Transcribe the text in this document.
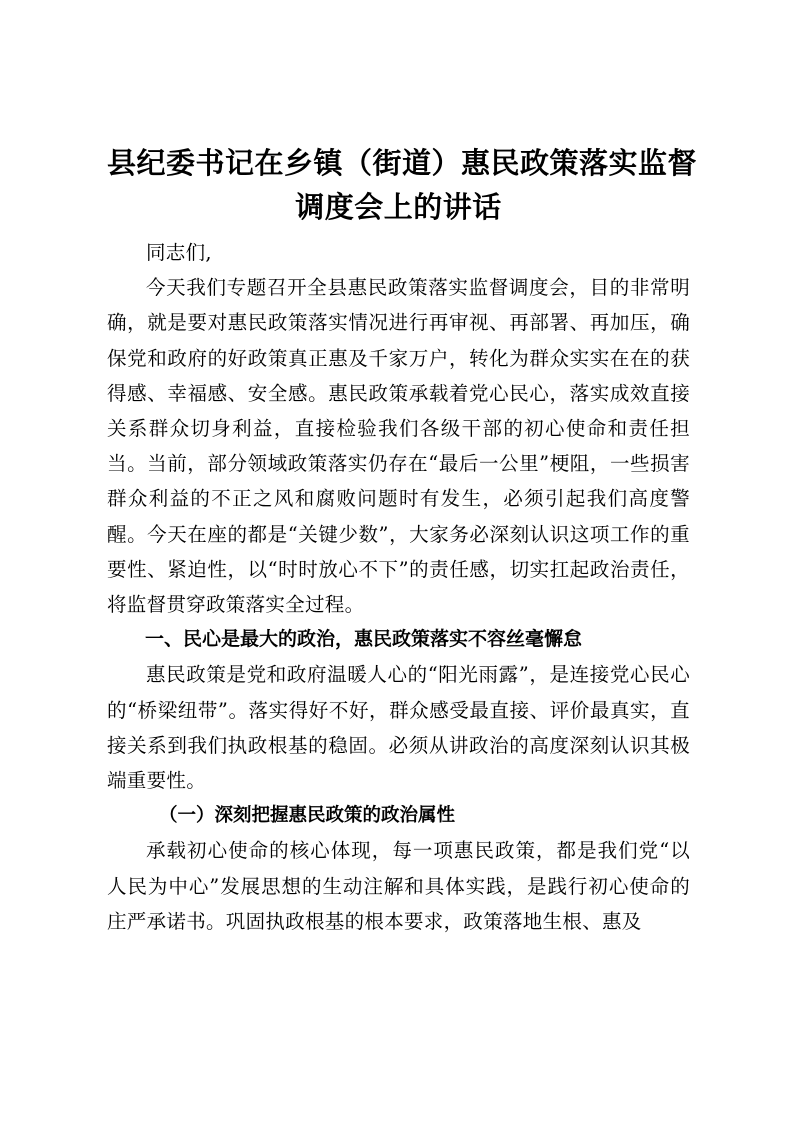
县纪委书记在乡镇（街道）惠民政策落实监督
调度会上的讲话

同志们,

今天我们专题召开全县惠民政策落实监督调度会，目的非常明确，就是要对惠民政策落实情况进行再审视、再部署、再加压，确保党和政府的好政策真正惠及千家万户，转化为群众实实在在的获得感、幸福感、安全感。惠民政策承载着党心民心，落实成效直接关系群众切身利益，直接检验我们各级干部的初心使命和责任担当。当前，部分领域政策落实仍存在“最后一公里”梗阻，一些损害群众利益的不正之风和腐败问题时有发生，必须引起我们高度警醒。今天在座的都是“关键少数”，大家务必深刻认识这项工作的重要性、紧迫性，以“时时放心不下”的责任感，切实扛起政治责任，将监督贯穿政策落实全过程。

一、民心是最大的政治，惠民政策落实不容丝毫懈怠

惠民政策是党和政府温暖人心的“阳光雨露”，是连接党心民心的“桥梁纽带”。落实得好不好，群众感受最直接、评价最真实，直接关系到我们执政根基的稳固。必须从讲政治的高度深刻认识其极端重要性。

（一）深刻把握惠民政策的政治属性

承载初心使命的核心体现，每一项惠民政策，都是我们党“以人民为中心”发展思想的生动注解和具体实践，是践行初心使命的庄严承诺书。巩固执政根基的根本要求，政策落地生根、惠及
